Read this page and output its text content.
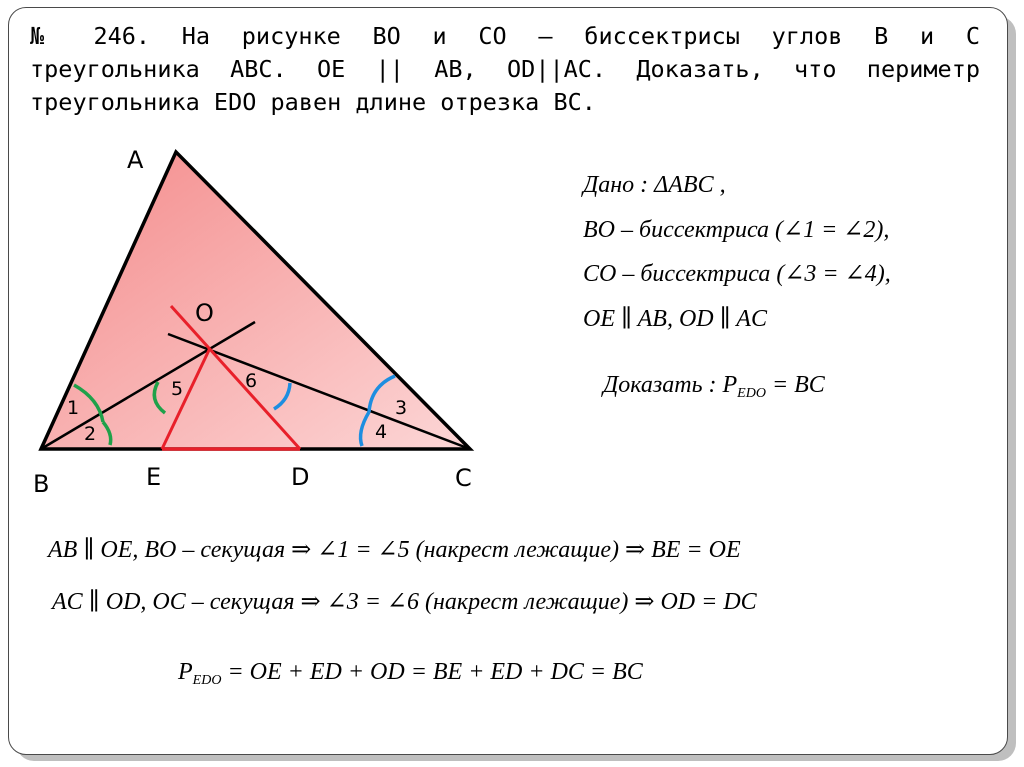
№ 246. На рисунке BO и CO – биссектрисы углов B и C
треугольника ABC. OE || AB, OD||AC. Доказать, что периметр
треугольника EDO равен длине отрезка BC.
A
B	C
O
E	D
1
2
3
4
5	6
Дано : ΔABC ,
BO – биссектриса (∠1 = ∠2),
CO – биссектриса (∠3 = ∠4),
OE ∥ AB, OD ∥ AC
Доказать : $P_{EDO}$ = BC
AB ∥ OE, BO – секущая ⇒ ∠1 = ∠5 (накрест лежащие) ⇒ BE = OE
AC ∥ OD, OC – секущая ⇒ ∠3 = ∠6 (накрест лежащие) ⇒ OD = DC
$P_{EDO}$ = OE + ED + OD = BE + ED + DC = BC
